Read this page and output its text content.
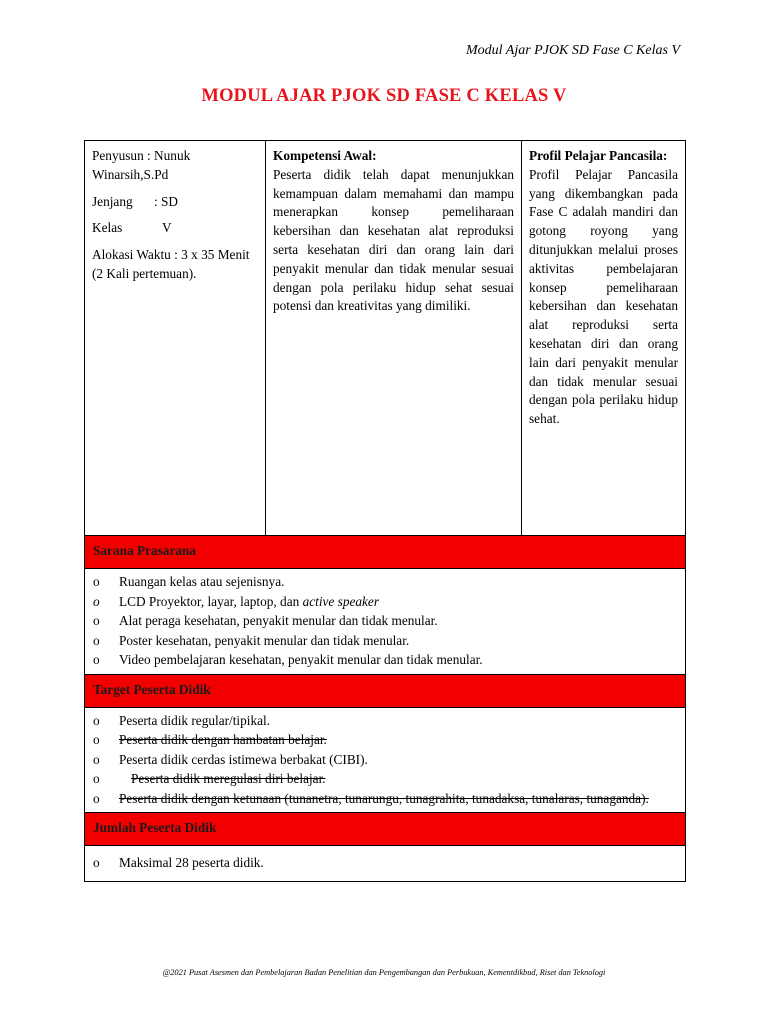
Modul Ajar PJOK SD Fase C Kelas V
MODUL AJAR PJOK SD FASE C KELAS V

Penyusun : Nunuk Winarsih,S.Pd

Jenjang : SD

Kelas	V

Alokasi Waktu : 3 x 35 Menit (2 Kali pertemuan).

Kompetensi Awal:

Peserta didik telah dapat menunjukkan kemampuan dalam memahami dan mampu menerapkan konsep pemeliharaan kebersihan dan kesehatan alat reproduksi serta kesehatan diri dan orang lain dari penyakit menular dan tidak menular sesuai dengan pola perilaku hidup sehat sesuai potensi dan kreativitas yang dimiliki.

Profil Pelajar Pancasila:

Profil Pelajar Pancasila yang dikembangkan pada Fase C adalah mandiri dan gotong royong yang ditunjukkan melalui proses aktivitas pembelajaran konsep pemeliharaan kebersihan dan kesehatan alat reproduksi serta kesehatan diri dan orang lain dari penyakit menular dan tidak menular sesuai dengan pola perilaku hidup sehat.

Sarana Prasarana
o Ruangan kelas atau sejenisnya.
o LCD Proyektor, layar, laptop, dan active speaker
o Alat peraga kesehatan, penyakit menular dan tidak menular.
o Poster kesehatan, penyakit menular dan tidak menular.
o Video pembelajaran kesehatan, penyakit menular dan tidak menular.
Target Peserta Didik
o Peserta didik regular/tipikal.
o Peserta didik dengan hambatan belajar.
o Peserta didik cerdas istimewa berbakat (CIBI).
o Peserta didik meregulasi diri belajar.
o Peserta didik dengan ketunaan (tunanetra, tunarungu, tunagrahita, tunadaksa, tunalaras, tunaganda).
Jumlah Peserta Didik
o Maksimal 28 peserta didik.
@2021 Pusat Asesmen dan Pembelajaran Badan Penelitian dan Pengembangan dan Perbukuan, Kementdikbud, Riset dan Teknologi
